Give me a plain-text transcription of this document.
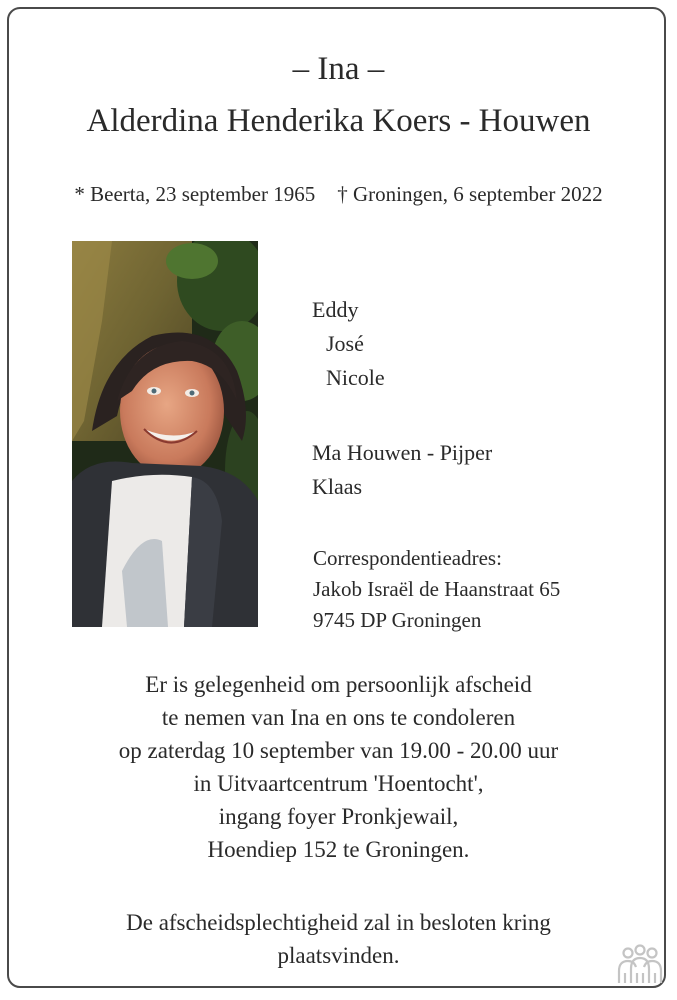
– Ina –
Alderdina Henderika Koers - Houwen
* Beerta, 23 september 1965 † Groningen, 6 september 2022
Eddy
José
Nicole
Ma Houwen - Pijper
Klaas
Correspondentieadres:
Jakob Israël de Haanstraat 65
9745 DP Groningen
Er is gelegenheid om persoonlijk afscheid
te nemen van Ina en ons te condoleren
op zaterdag 10 september van 19.00 - 20.00 uur
in Uitvaartcentrum 'Hoentocht',
ingang foyer Pronkjewail,
Hoendiep 152 te Groningen.
De afscheidsplechtigheid zal in besloten kring
plaatsvinden.
